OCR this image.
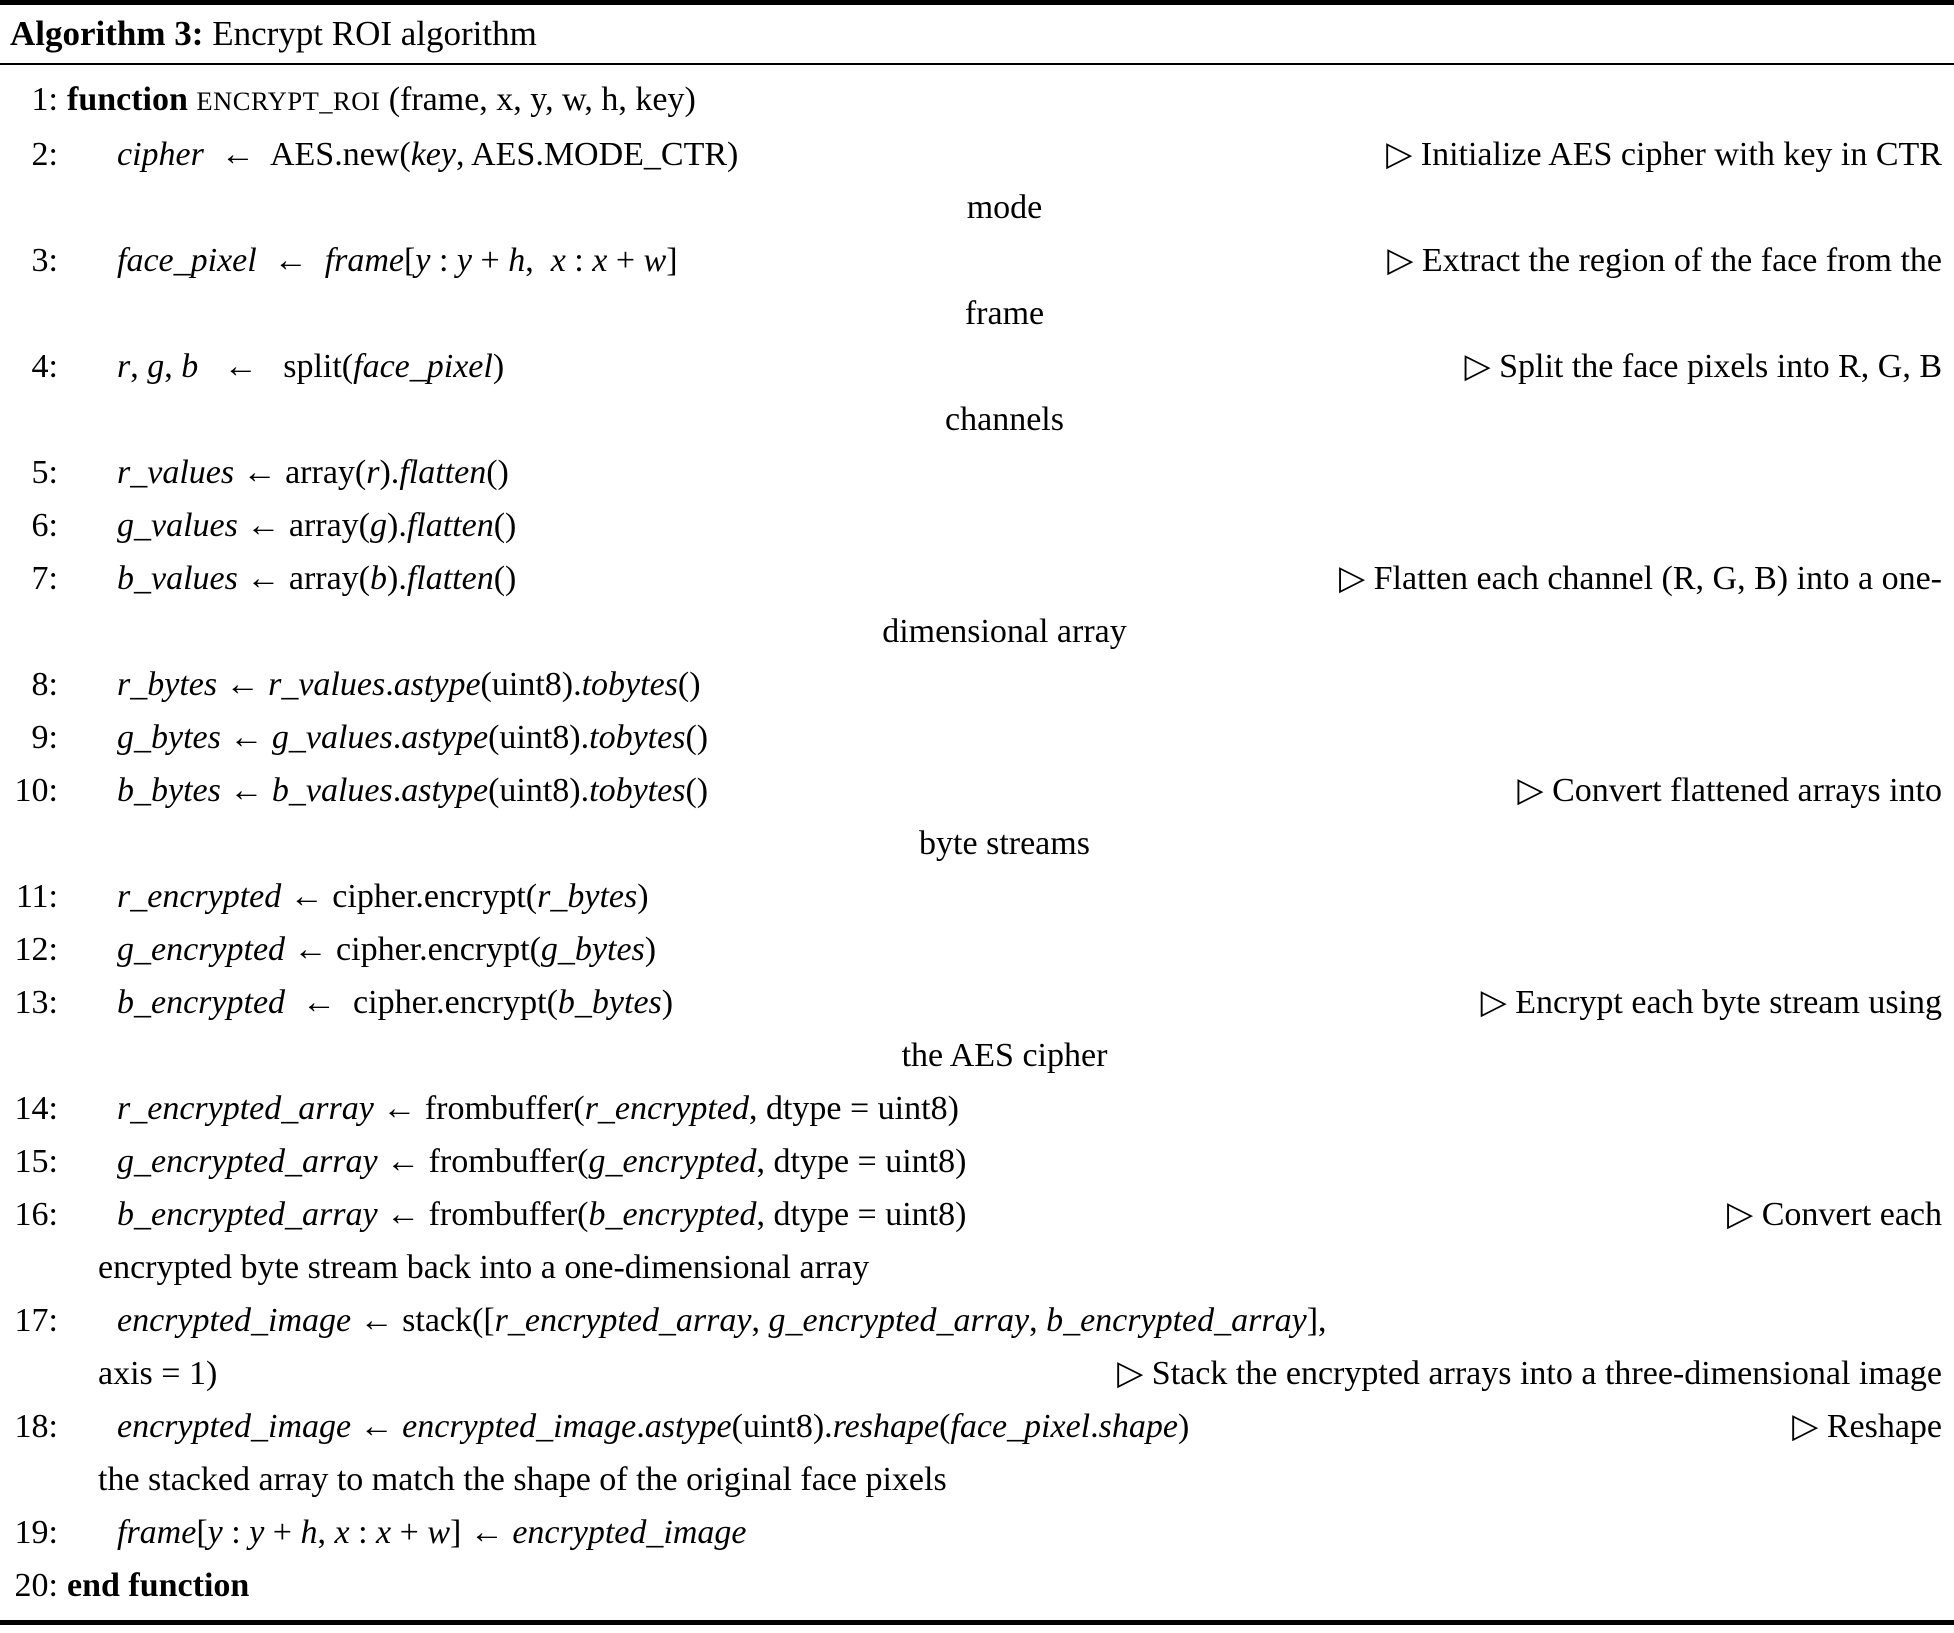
Algorithm 3: Encrypt ROI algorithm
1: function ENCRYPT_ROI (frame, x, y, w, h, key)
2:	cipher  ←  AES.new(key, AES.MODE_CTR)	▷ Initialize AES cipher with key in CTR
mode
3:	face_pixel  ←  frame[y : y + h,  x : x + w]	▷ Extract the region of the face from the
frame
4:	r, g, b   ←   split(face_pixel)	▷ Split the face pixels into R, G, B
channels
5:	r_values ← array(r).flatten()
6:	g_values ← array(g).flatten()
7:	b_values ← array(b).flatten()	▷ Flatten each channel (R, G, B) into a one-
dimensional array
8:	r_bytes ← r_values.astype(uint8).tobytes()
9:	g_bytes ← g_values.astype(uint8).tobytes()
10:	b_bytes ← b_values.astype(uint8).tobytes()	▷ Convert flattened arrays into
byte streams
11:	r_encrypted ← cipher.encrypt(r_bytes)
12:	g_encrypted ← cipher.encrypt(g_bytes)
13:	b_encrypted  ←  cipher.encrypt(b_bytes)	▷ Encrypt each byte stream using
the AES cipher
14:	r_encrypted_array ← frombuffer(r_encrypted, dtype = uint8)
15:	g_encrypted_array ← frombuffer(g_encrypted, dtype = uint8)
16:	b_encrypted_array ← frombuffer(b_encrypted, dtype = uint8)	▷ Convert each
encrypted byte stream back into a one-dimensional array
17:	encrypted_image ← stack([r_encrypted_array, g_encrypted_array, b_encrypted_array],
axis = 1)	▷ Stack the encrypted arrays into a three-dimensional image
18:	encrypted_image ← encrypted_image.astype(uint8).reshape(face_pixel.shape)	▷ Reshape
the stacked array to match the shape of the original face pixels
19:	frame[y : y + h, x : x + w] ← encrypted_image
20: end function
